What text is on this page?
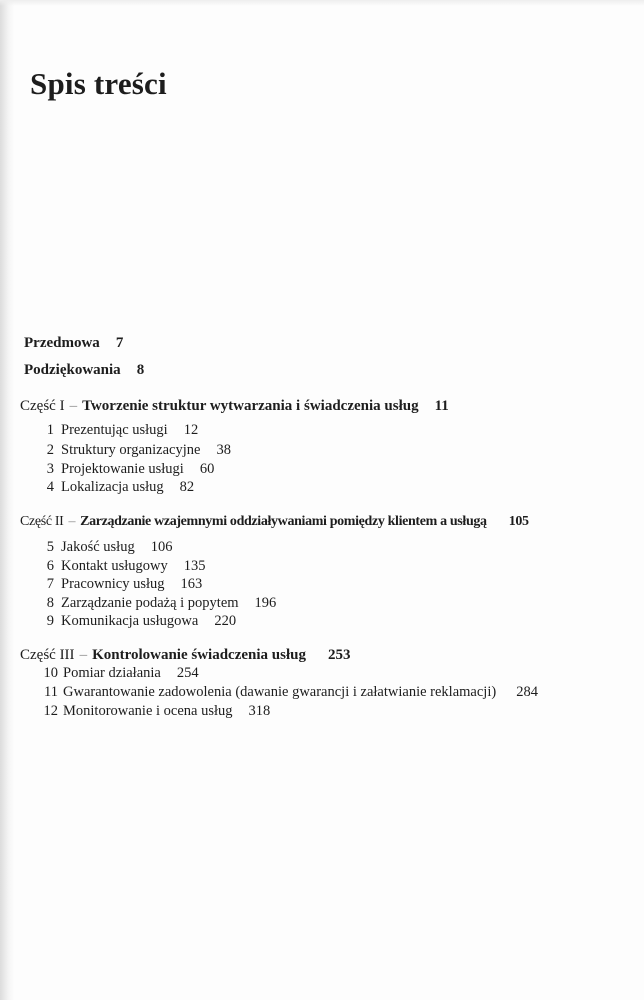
Spis treści
Przedmowa 7
Podziękowania 8
Część I – Tworzenie struktur wytwarzania i świadczenia usług 11
1 Prezentując usługi 12
2 Struktury organizacyjne 38
3 Projektowanie usługi 60
4 Lokalizacja usług 82
Część II – Zarządzanie wzajemnymi oddziaływaniami pomiędzy klientem a usługą 105
5 Jakość usług 106
6 Kontakt usługowy 135
7 Pracownicy usług 163
8 Zarządzanie podażą i popytem 196
9 Komunikacja usługowa 220
Część III – Kontrolowanie świadczenia usług 253
10 Pomiar działania 254
11 Gwarantowanie zadowolenia (dawanie gwarancji i załatwianie reklamacji) 284
12 Monitorowanie i ocena usług 318
